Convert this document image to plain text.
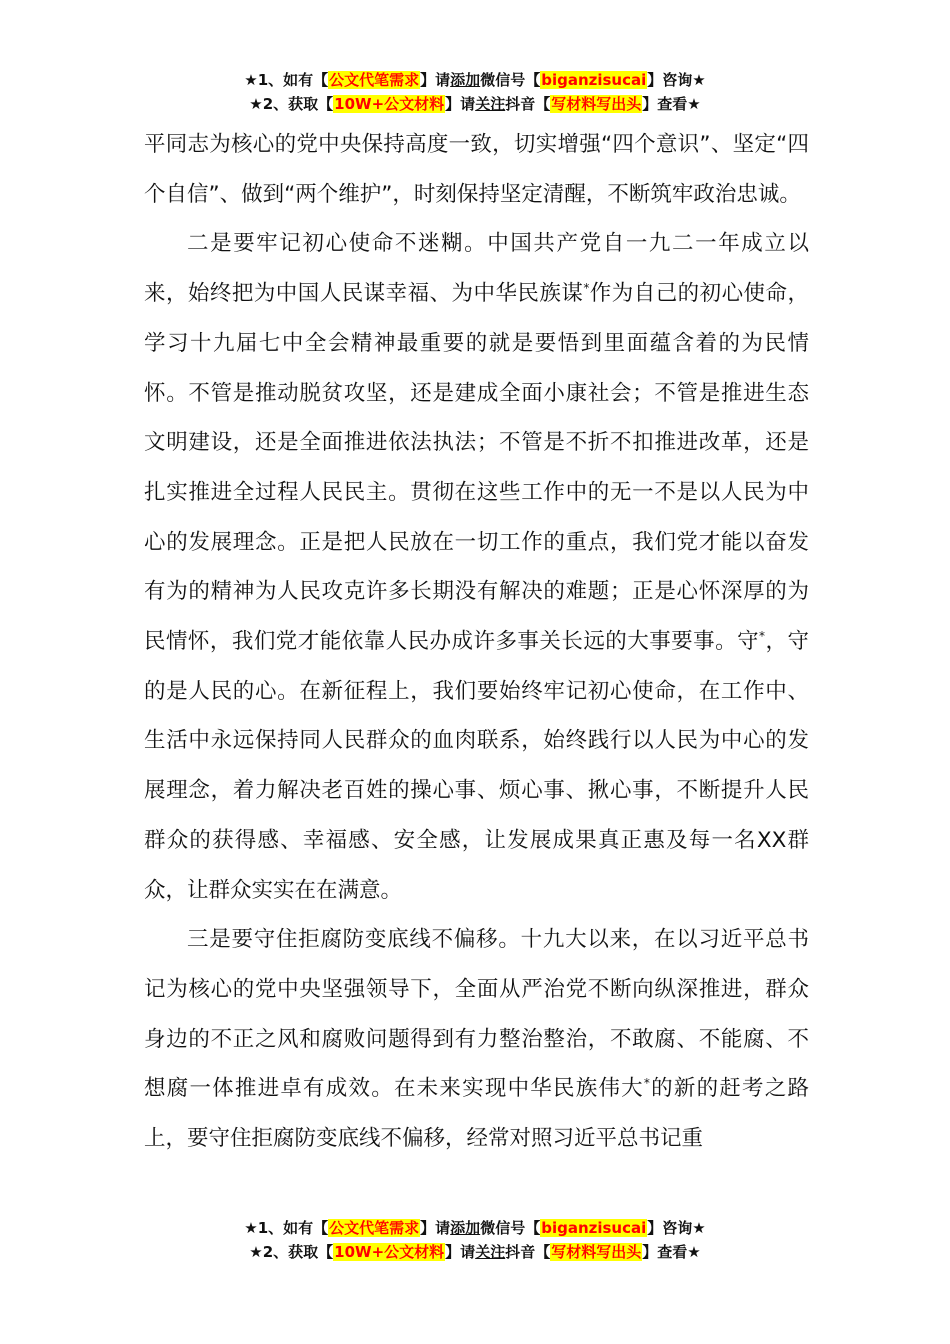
★1、如有【公文代笔需求】请添加微信号【biganzisucai】咨询★
★2、获取【10W+公文材料】请关注抖音【写材料写出头】查看★

平同志为核心的党中央保持高度一致，切实增强“四个意识”、坚定“四个自信”、做到“两个维护”，时刻保持坚定清醒，不断筑牢政治忠诚。

二是要牢记初心使命不迷糊。中国共产党自一九二一年成立以来，始终把为中国人民谋幸福、为中华民族谋*作为自己的初心使命，学习十九届七中全会精神最重要的就是要悟到里面蕴含着的为民情怀。不管是推动脱贫攻坚，还是建成全面小康社会；不管是推进生态文明建设，还是全面推进依法执法；不管是不折不扣推进改革，还是扎实推进全过程人民民主。贯彻在这些工作中的无一不是以人民为中心的发展理念。正是把人民放在一切工作的重点，我们党才能以奋发有为的精神为人民攻克许多长期没有解决的难题；正是心怀深厚的为民情怀，我们党才能依靠人民办成许多事关长远的大事要事。守*，守的是人民的心。在新征程上，我们要始终牢记初心使命，在工作中、生活中永远保持同人民群众的血肉联系，始终践行以人民为中心的发展理念，着力解决老百姓的操心事、烦心事、揪心事，不断提升人民群众的获得感、幸福感、安全感，让发展成果真正惠及每一名XX群众，让群众实实在在满意。

三是要守住拒腐防变底线不偏移。十九大以来，在以习近平总书记为核心的党中央坚强领导下，全面从严治党不断向纵深推进，群众身边的不正之风和腐败问题得到有力整治整治，不敢腐、不能腐、不想腐一体推进卓有成效。在未来实现中华民族伟大*的新的赶考之路上，要守住拒腐防变底线不偏移，经常对照习近平总书记重

★1、如有【公文代笔需求】请添加微信号【biganzisucai】咨询★
★2、获取【10W+公文材料】请关注抖音【写材料写出头】查看★
